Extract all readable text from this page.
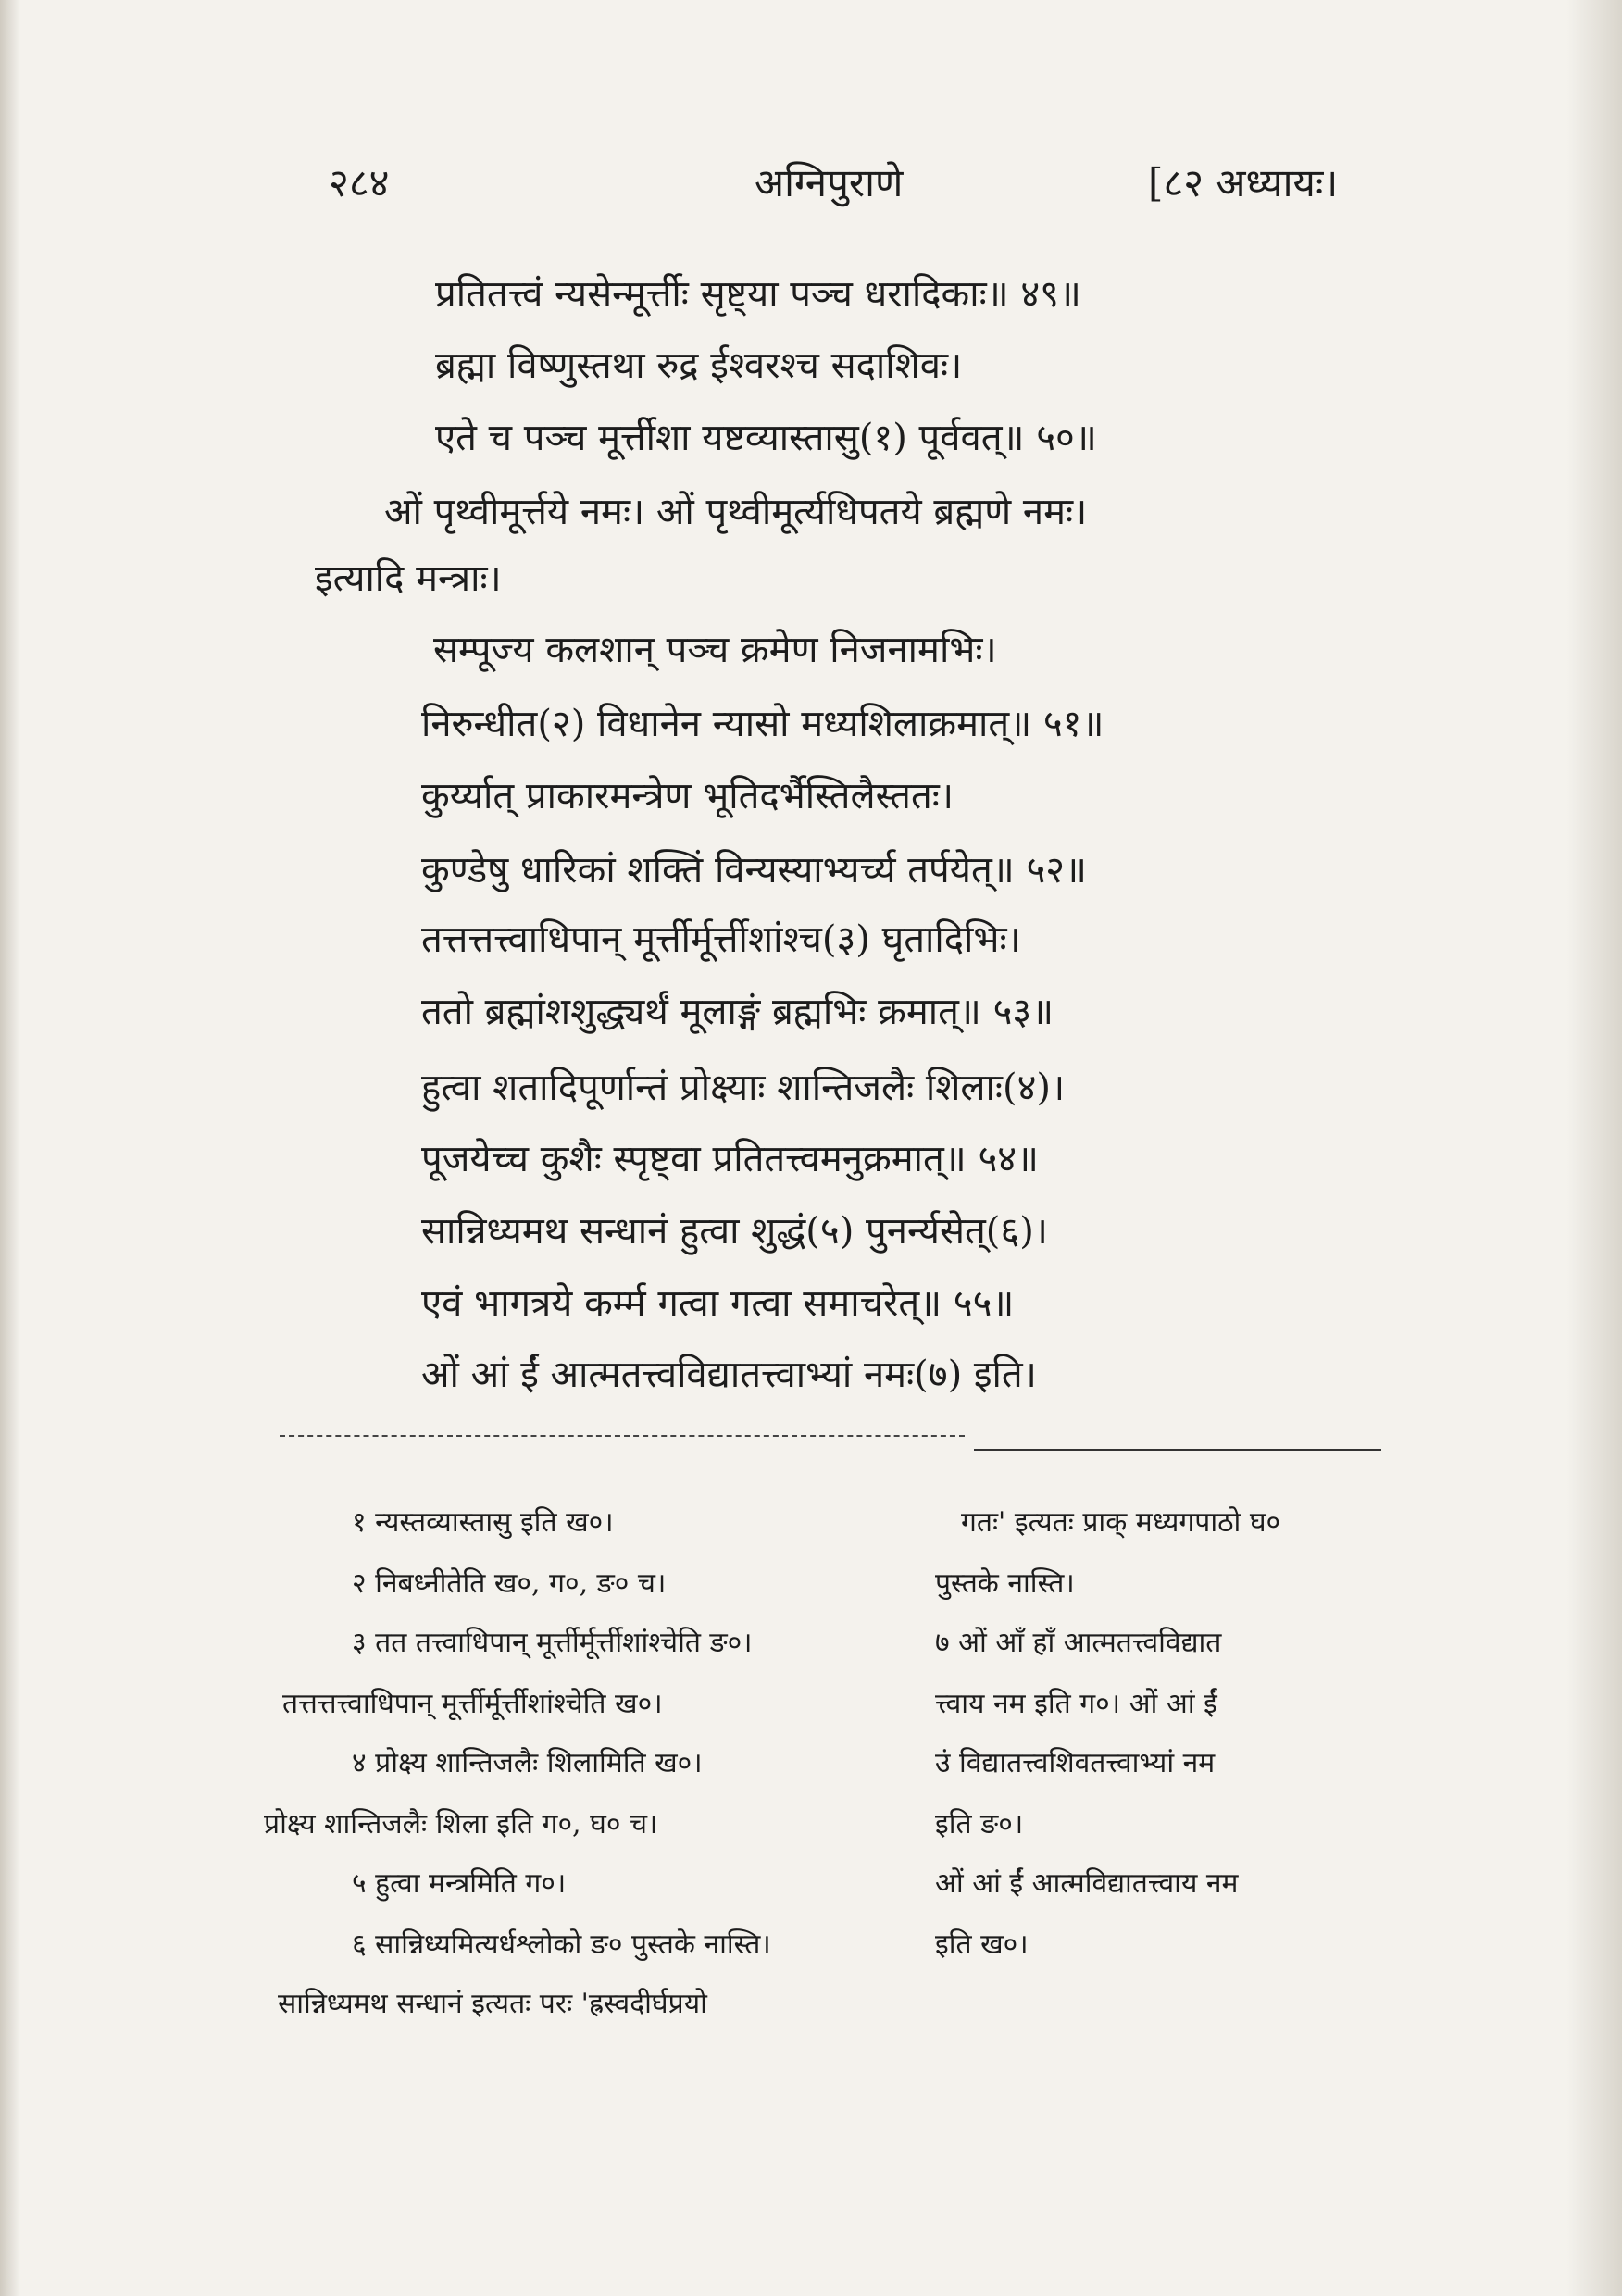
२८४	अग्निपुराणे	[८२ अध्यायः।
प्रतितत्त्वं न्यसेन्मूर्त्तीः सृष्ट्या पञ्च धरादिकाः॥ ४९॥
ब्रह्मा विष्णुस्तथा रुद्र ईश्वरश्च सदाशिवः।
एते च पञ्च मूर्त्तीशा यष्टव्यास्तासु(१) पूर्ववत्॥ ५०॥
ओं पृथ्वीमूर्त्तये नमः। ओं पृथ्वीमूर्त्यधिपतये ब्रह्मणे नमः।
इत्यादि मन्त्राः।
सम्पूज्य कलशान् पञ्च क्रमेण निजनामभिः।
निरुन्धीत(२) विधानेन न्यासो मध्यशिलाक्रमात्॥ ५१॥
कुर्य्यात् प्राकारमन्त्रेण भूतिदर्भैस्तिलैस्ततः।
कुण्डेषु धारिकां शक्तिं विन्यस्याभ्यर्च्य तर्पयेत्॥ ५२॥
तत्तत्तत्त्वाधिपान् मूर्त्तीर्मूर्त्तीशांश्च(३) घृतादिभिः।
ततो ब्रह्मांशशुद्ध्यर्थं मूलाङ्गं ब्रह्मभिः क्रमात्॥ ५३॥
हुत्वा शतादिपूर्णान्तं प्रोक्ष्याः शान्तिजलैः शिलाः(४)।
पूजयेच्च कुशैः स्पृष्ट्वा प्रतितत्त्वमनुक्रमात्॥ ५४॥
सान्निध्यमथ सन्धानं हुत्वा शुद्धं(५) पुनर्न्यसेत्(६)।
एवं भागत्रये कर्म्म गत्वा गत्वा समाचरेत्॥ ५५॥
ओं आं ईं आत्मतत्त्वविद्यातत्त्वाभ्यां नमः(७) इति।
१ न्यस्तव्यास्तासु इति ख०।
२ निबध्नीतेति ख०, ग०, ङ० च।
३ तत तत्त्वाधिपान् मूर्त्तीर्मूर्त्तीशांश्चेति ङ०।
तत्तत्तत्त्वाधिपान् मूर्त्तीर्मूर्त्तीशांश्चेति ख०।
४ प्रोक्ष्य शान्तिजलैः शिलामिति ख०।
प्रोक्ष्य शान्तिजलैः शिला इति ग०, घ० च।
५ हुत्वा मन्त्रमिति ग०।
६ सान्निध्यमित्यर्धश्लोको ङ० पुस्तके नास्ति।
सान्निध्यमथ सन्धानं इत्यतः परः 'ह्रस्वदीर्घप्रयो
गतः' इत्यतः प्राक् मध्यगपाठो घ०
पुस्तके नास्ति।
७ ओं आँ हाँ आत्मतत्त्वविद्यात
त्त्वाय नम इति ग०। ओं आं ईं
उं विद्यातत्त्वशिवतत्त्वाभ्यां नम
इति ङ०।
ओं आं ईं आत्मविद्यातत्त्वाय नम
इति ख०।
